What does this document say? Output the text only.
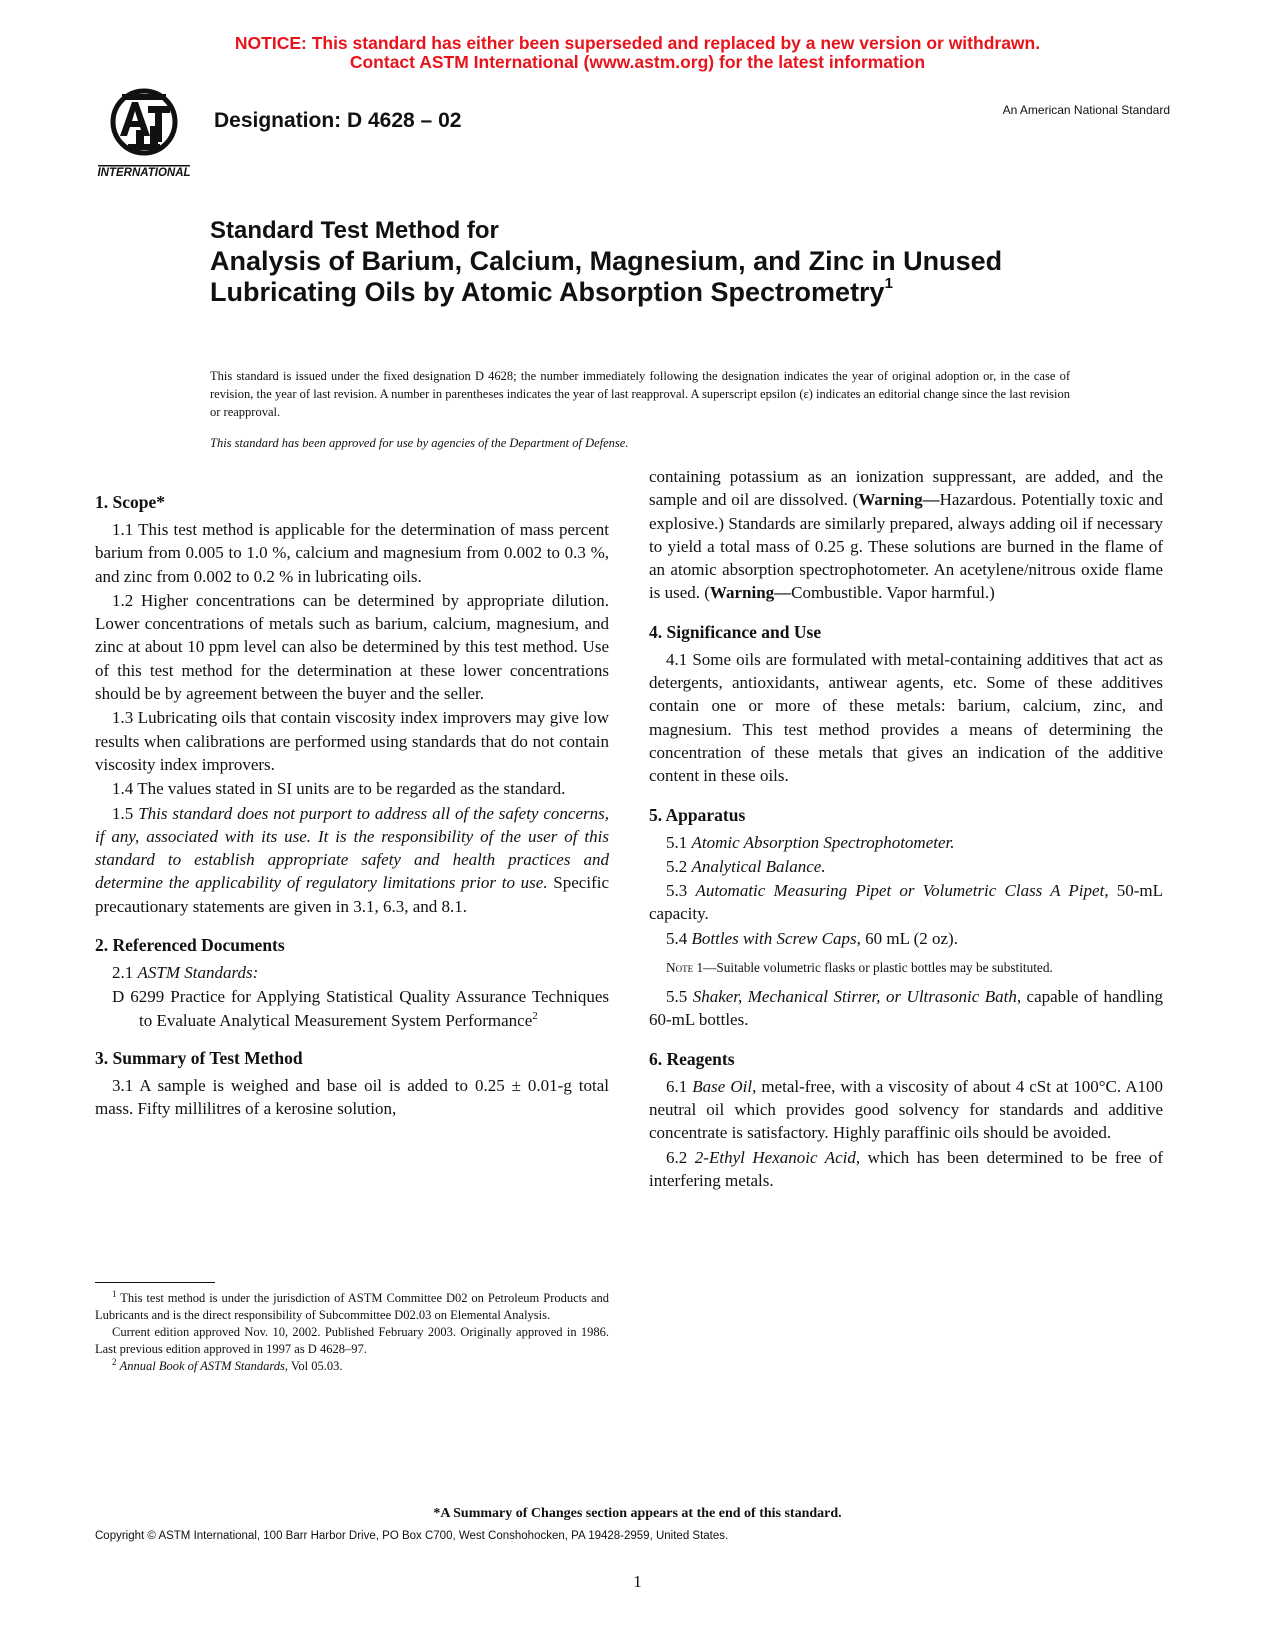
NOTICE: This standard has either been superseded and replaced by a new version or withdrawn.
Contact ASTM International (www.astm.org) for the latest information
INTERNATIONAL
Designation: D 4628 – 02	An American National Standard
Standard Test Method for
Analysis of Barium, Calcium, Magnesium, and Zinc in Unused Lubricating Oils by Atomic Absorption Spectrometry$^1$
This standard is issued under the fixed designation D 4628; the number immediately following the designation indicates the year of original adoption or, in the case of revision, the year of last revision. A number in parentheses indicates the year of last reapproval. A superscript epsilon (ε) indicates an editorial change since the last revision or reapproval.
This standard has been approved for use by agencies of the Department of Defense.
1. Scope*

1.1 This test method is applicable for the determination of mass percent barium from 0.005 to 1.0 %, calcium and magnesium from 0.002 to 0.3 %, and zinc from 0.002 to 0.2 % in lubricating oils.

1.2 Higher concentrations can be determined by appropriate dilution. Lower concentrations of metals such as barium, calcium, magnesium, and zinc at about 10 ppm level can also be determined by this test method. Use of this test method for the determination at these lower concentrations should be by agreement between the buyer and the seller.

1.3 Lubricating oils that contain viscosity index improvers may give low results when calibrations are performed using standards that do not contain viscosity index improvers.

1.4 The values stated in SI units are to be regarded as the standard.

1.5 This standard does not purport to address all of the safety concerns, if any, associated with its use. It is the responsibility of the user of this standard to establish appropriate safety and health practices and determine the applicability of regulatory limitations prior to use. Specific precautionary statements are given in 3.1, 6.3, and 8.1.

2. Referenced Documents

2.1 ASTM Standards:

D 6299 Practice for Applying Statistical Quality Assurance Techniques to Evaluate Analytical Measurement System Performance$^2$

3. Summary of Test Method

3.1 A sample is weighed and base oil is added to 0.25 ± 0.01-g total mass. Fifty millilitres of a kerosine solution,

containing potassium as an ionization suppressant, are added, and the sample and oil are dissolved. (Warning—Hazardous. Potentially toxic and explosive.) Standards are similarly prepared, always adding oil if necessary to yield a total mass of 0.25 g. These solutions are burned in the flame of an atomic absorption spectrophotometer. An acetylene/nitrous oxide flame is used. (Warning—Combustible. Vapor harmful.)

4. Significance and Use

4.1 Some oils are formulated with metal-containing additives that act as detergents, antioxidants, antiwear agents, etc. Some of these additives contain one or more of these metals: barium, calcium, zinc, and magnesium. This test method provides a means of determining the concentration of these metals that gives an indication of the additive content in these oils.

5. Apparatus

5.1 Atomic Absorption Spectrophotometer.

5.2 Analytical Balance.

5.3 Automatic Measuring Pipet or Volumetric Class A Pipet, 50-mL capacity.

5.4 Bottles with Screw Caps, 60 mL (2 oz).

Note 1—Suitable volumetric flasks or plastic bottles may be substituted.

5.5 Shaker, Mechanical Stirrer, or Ultrasonic Bath, capable of handling 60-mL bottles.

6. Reagents

6.1 Base Oil, metal-free, with a viscosity of about 4 cSt at 100°C. A100 neutral oil which provides good solvency for standards and additive concentrate is satisfactory. Highly paraffinic oils should be avoided.

6.2 2-Ethyl Hexanoic Acid, which has been determined to be free of interfering metals.

$^1$ This test method is under the jurisdiction of ASTM Committee D02 on Petroleum Products and Lubricants and is the direct responsibility of Subcommittee D02.03 on Elemental Analysis.

Current edition approved Nov. 10, 2002. Published February 2003. Originally approved in 1986. Last previous edition approved in 1997 as D 4628–97.

$^2$ Annual Book of ASTM Standards, Vol 05.03.

*A Summary of Changes section appears at the end of this standard.
Copyright © ASTM International, 100 Barr Harbor Drive, PO Box C700, West Conshohocken, PA 19428-2959, United States.
1
